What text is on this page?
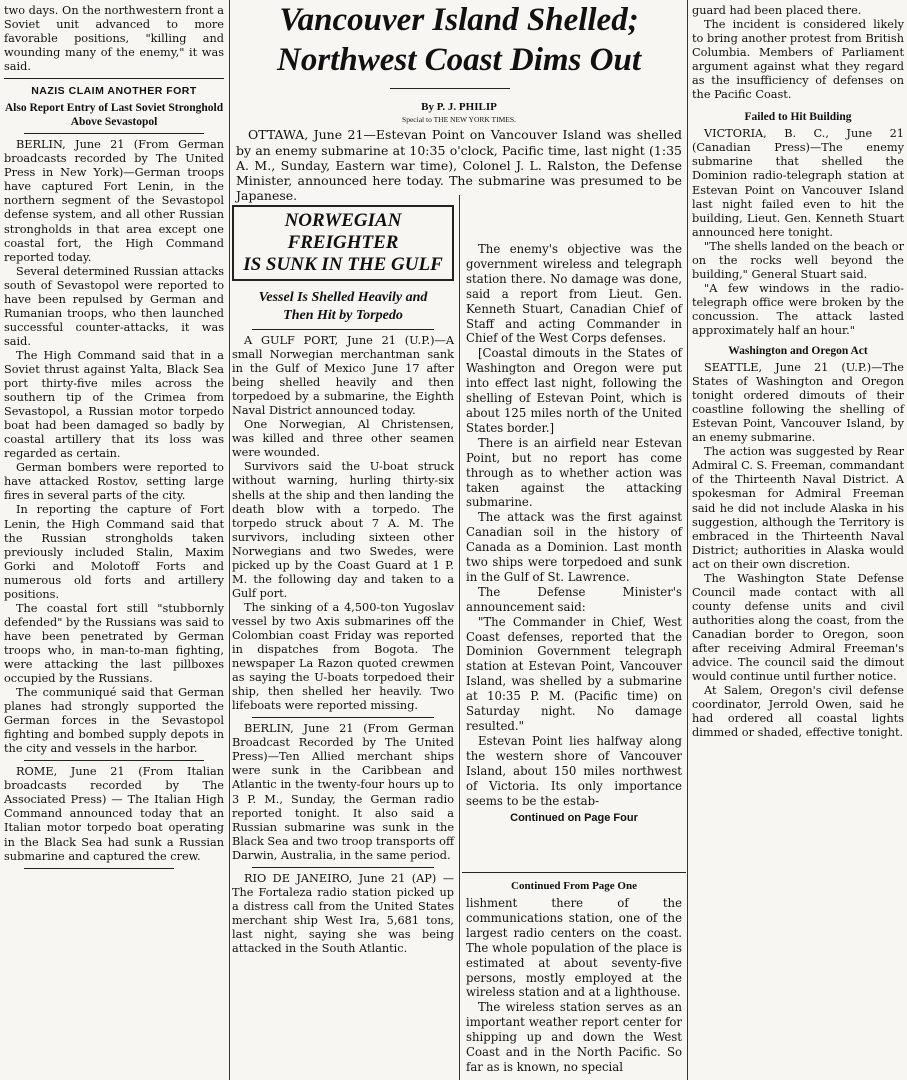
two days. On the northwestern front a Soviet unit advanced to more favorable positions, "killing and wounding many of the enemy," it was said.

NAZIS CLAIM ANOTHER FORT
Also Report Entry of Last Soviet Stronghold Above Sevastopol

BERLIN, June 21 (From German broadcasts recorded by The United Press in New York)—German troops have captured Fort Lenin, in the northern segment of the Sevastopol defense system, and all other Russian strongholds in that area except one coastal fort, the High Command reported today.

Several determined Russian attacks south of Sevastopol were reported to have been repulsed by German and Rumanian troops, who then launched successful counter-attacks, it was said.

The High Command said that in a Soviet thrust against Yalta, Black Sea port thirty-five miles across the southern tip of the Crimea from Sevastopol, a Russian motor torpedo boat had been damaged so badly by coastal artillery that its loss was regarded as certain.

German bombers were reported to have attacked Rostov, setting large fires in several parts of the city.

In reporting the capture of Fort Lenin, the High Command said that the Russian strongholds taken previously included Stalin, Maxim Gorki and Molotoff Forts and numerous old forts and artillery positions.

The coastal fort still "stubbornly defended" by the Russians was said to have been penetrated by German troops who, in man-to-man fighting, were attacking the last pillboxes occupied by the Russians.

The communiqué said that German planes had strongly supported the German forces in the Sevastopol fighting and bombed supply depots in the city and vessels in the harbor.

ROME, June 21 (From Italian broadcasts recorded by The Associated Press) — The Italian High Command announced today that an Italian motor torpedo boat operating in the Black Sea had sunk a Russian submarine and captured the crew.

Vancouver Island Shelled;
Northwest Coast Dims Out
By P. J. PHILIP
Special to THE NEW YORK TIMES.

OTTAWA, June 21—Estevan Point on Vancouver Island was shelled by an enemy submarine at 10:35 o'clock, Pacific time, last night (1:35 A. M., Sunday, Eastern war time), Colonel J. L. Ralston, the Defense Minister, announced here today. The submarine was presumed to be Japanese.

The enemy's objective was the government wireless and telegraph station there. No damage was done, said a report from Lieut. Gen. Kenneth Stuart, Canadian Chief of Staff and acting Commander in Chief of the West Corps defenses.

[Coastal dimouts in the States of Washington and Oregon were put into effect last night, following the shelling of Estevan Point, which is about 125 miles north of the United States border.]

There is an airfield near Estevan Point, but no report has come through as to whether action was taken against the attacking submarine.

The attack was the first against Canadian soil in the history of Canada as a Dominion. Last month two ships were torpedoed and sunk in the Gulf of St. Lawrence.

The Defense Minister's announcement said:

"The Commander in Chief, West Coast defenses, reported that the Dominion Government telegraph station at Estevan Point, Vancouver Island, was shelled by a submarine at 10:35 P. M. (Pacific time) on Saturday night. No damage resulted."

Estevan Point lies halfway along the western shore of Vancouver Island, about 150 miles northwest of Victoria. Its only importance seems to be the estab-

Continued on Page Four
Continued From Page One

lishment there of the communications station, one of the largest radio centers on the coast. The whole population of the place is estimated at about seventy-five persons, mostly employed at the wireless station and at a lighthouse.

The wireless station serves as an important weather report center for shipping up and down the West Coast and in the North Pacific. So far as is known, no special

NORWEGIAN FREIGHTER
IS SUNK IN THE GULF
Vessel Is Shelled Heavily and Then Hit by Torpedo

A GULF PORT, June 21 (U.P.)—A small Norwegian merchantman sank in the Gulf of Mexico June 17 after being shelled heavily and then torpedoed by a submarine, the Eighth Naval District announced today.

One Norwegian, Al Christensen, was killed and three other seamen were wounded.

Survivors said the U-boat struck without warning, hurling thirty-six shells at the ship and then landing the death blow with a torpedo. The torpedo struck about 7 A. M. The survivors, including sixteen other Norwegians and two Swedes, were picked up by the Coast Guard at 1 P. M. the following day and taken to a Gulf port.

The sinking of a 4,500-ton Yugoslav vessel by two Axis submarines off the Colombian coast Friday was reported in dispatches from Bogota. The newspaper La Razon quoted crewmen as saying the U-boats torpedoed their ship, then shelled her heavily. Two lifeboats were reported missing.

BERLIN, June 21 (From German Broadcast Recorded by The United Press)—Ten Allied merchant ships were sunk in the Caribbean and Atlantic in the twenty-four hours up to 3 P. M., Sunday, the German radio reported tonight. It also said a Russian submarine was sunk in the Black Sea and two troop transports off Darwin, Australia, in the same period.

RIO DE JANEIRO, June 21 (AP) —The Fortaleza radio station picked up a distress call from the United States merchant ship West Ira, 5,681 tons, last night, saying she was being attacked in the South Atlantic.

guard had been placed there.

The incident is considered likely to bring another protest from British Columbia. Members of Parliament argument against what they regard as the insufficiency of defenses on the Pacific Coast.

Failed to Hit Building

VICTORIA, B. C., June 21 (Canadian Press)—The enemy submarine that shelled the Dominion radio-telegraph station at Estevan Point on Vancouver Island last night failed even to hit the building, Lieut. Gen. Kenneth Stuart announced here tonight.

"The shells landed on the beach or on the rocks well beyond the building," General Stuart said.

"A few windows in the radio-telegraph office were broken by the concussion. The attack lasted approximately half an hour."

Washington and Oregon Act

SEATTLE, June 21 (U.P.)—The States of Washington and Oregon tonight ordered dimouts of their coastline following the shelling of Estevan Point, Vancouver Island, by an enemy submarine.

The action was suggested by Rear Admiral C. S. Freeman, commandant of the Thirteenth Naval District. A spokesman for Admiral Freeman said he did not include Alaska in his suggestion, although the Territory is embraced in the Thirteenth Naval District; authorities in Alaska would act on their own discretion.

The Washington State Defense Council made contact with all county defense units and civil authorities along the coast, from the Canadian border to Oregon, soon after receiving Admiral Freeman's advice. The council said the dimout would continue until further notice.

At Salem, Oregon's civil defense coordinator, Jerrold Owen, said he had ordered all coastal lights dimmed or shaded, effective tonight.
